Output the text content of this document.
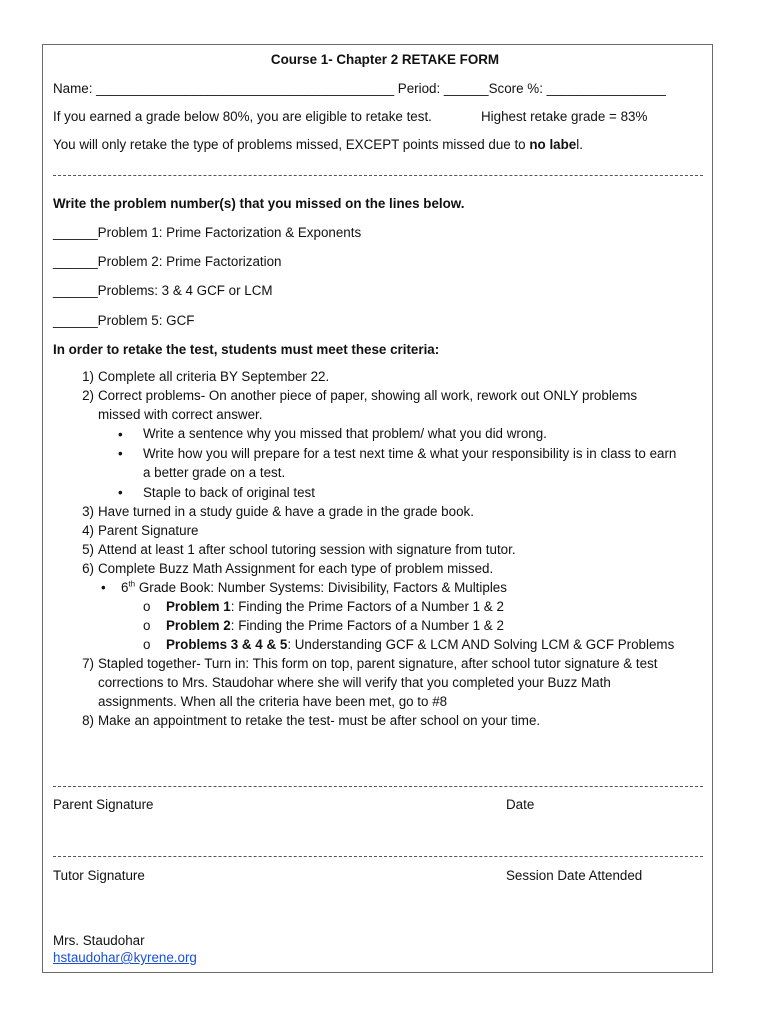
Course 1- Chapter 2 RETAKE FORM
Name: ________________________________________ Period: ______Score %: ________________
If you earned a grade below 80%, you are eligible to retake test.	Highest retake grade = 83%
You will only retake the type of problems missed, EXCEPT points missed due to no label.
Write the problem number(s) that you missed on the lines below.
______Problem 1: Prime Factorization & Exponents
______Problem 2: Prime Factorization
______Problems: 3 & 4 GCF or LCM
______Problem 5: GCF
In order to retake the test, students must meet these criteria:
1) Complete all criteria BY September 22.
2) Correct problems- On another piece of paper, showing all work, rework out ONLY problems
missed with correct answer.
• Write a sentence why you missed that problem/ what you did wrong.
• Write how you will prepare for a test next time & what your responsibility is in class to earn
a better grade on a test.
• Staple to back of original test
3) Have turned in a study guide & have a grade in the grade book.
4) Parent Signature
5) Attend at least 1 after school tutoring session with signature from tutor.
6) Complete Buzz Math Assignment for each type of problem missed.
• 6th Grade Book: Number Systems: Divisibility, Factors & Multiples
o Problem 1: Finding the Prime Factors of a Number 1 & 2
o Problem 2: Finding the Prime Factors of a Number 1 & 2
o Problems 3 & 4 & 5: Understanding GCF & LCM AND Solving LCM & GCF Problems
7) Stapled together- Turn in: This form on top, parent signature, after school tutor signature & test
corrections to Mrs. Staudohar where she will verify that you completed your Buzz Math
assignments. When all the criteria have been met, go to #8
8) Make an appointment to retake the test- must be after school on your time.
Parent Signature	Date
Tutor Signature	Session Date Attended
Mrs. Staudohar
hstaudohar@kyrene.org
